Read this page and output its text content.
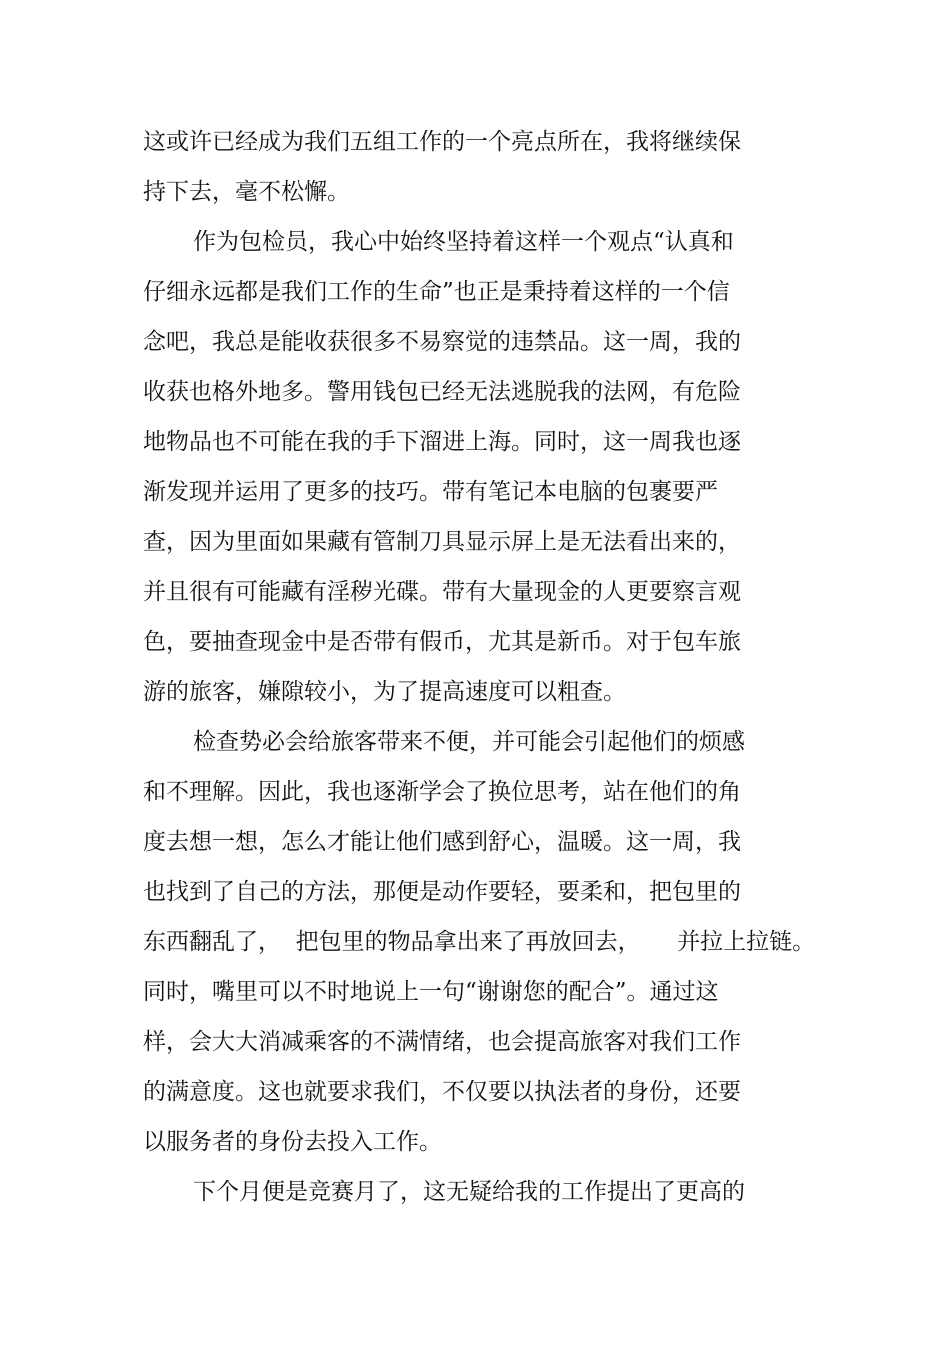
这或许已经成为我们五组工作的一个亮点所在，我将继续保
持下去，毫不松懈。
作为包检员，我心中始终坚持着这样一个观点“认真和
仔细永远都是我们工作的生命”也正是秉持着这样的一个信
念吧，我总是能收获很多不易察觉的违禁品。这一周，我的
收获也格外地多。警用钱包已经无法逃脱我的法网，有危险
地物品也不可能在我的手下溜进上海。同时，这一周我也逐
渐发现并运用了更多的技巧。带有笔记本电脑的包裹要严
查，因为里面如果藏有管制刀具显示屏上是无法看出来的，
并且很有可能藏有淫秽光碟。带有大量现金的人更要察言观
色，要抽查现金中是否带有假币，尤其是新币。对于包车旅
游的旅客，嫌隙较小，为了提高速度可以粗查。
检查势必会给旅客带来不便，并可能会引起他们的烦感
和不理解。因此，我也逐渐学会了换位思考，站在他们的角
度去想一想，怎么才能让他们感到舒心，温暖。这一周，我
也找到了自己的方法，那便是动作要轻，要柔和，把包里的
东西翻乱了，  把包里的物品拿出来了再放回去，     并拉上拉链。
同时，嘴里可以不时地说上一句“谢谢您的配合”。通过这
样，会大大消减乘客的不满情绪，也会提高旅客对我们工作
的满意度。这也就要求我们，不仅要以执法者的身份，还要
以服务者的身份去投入工作。
下个月便是竞赛月了，这无疑给我的工作提出了更高的
